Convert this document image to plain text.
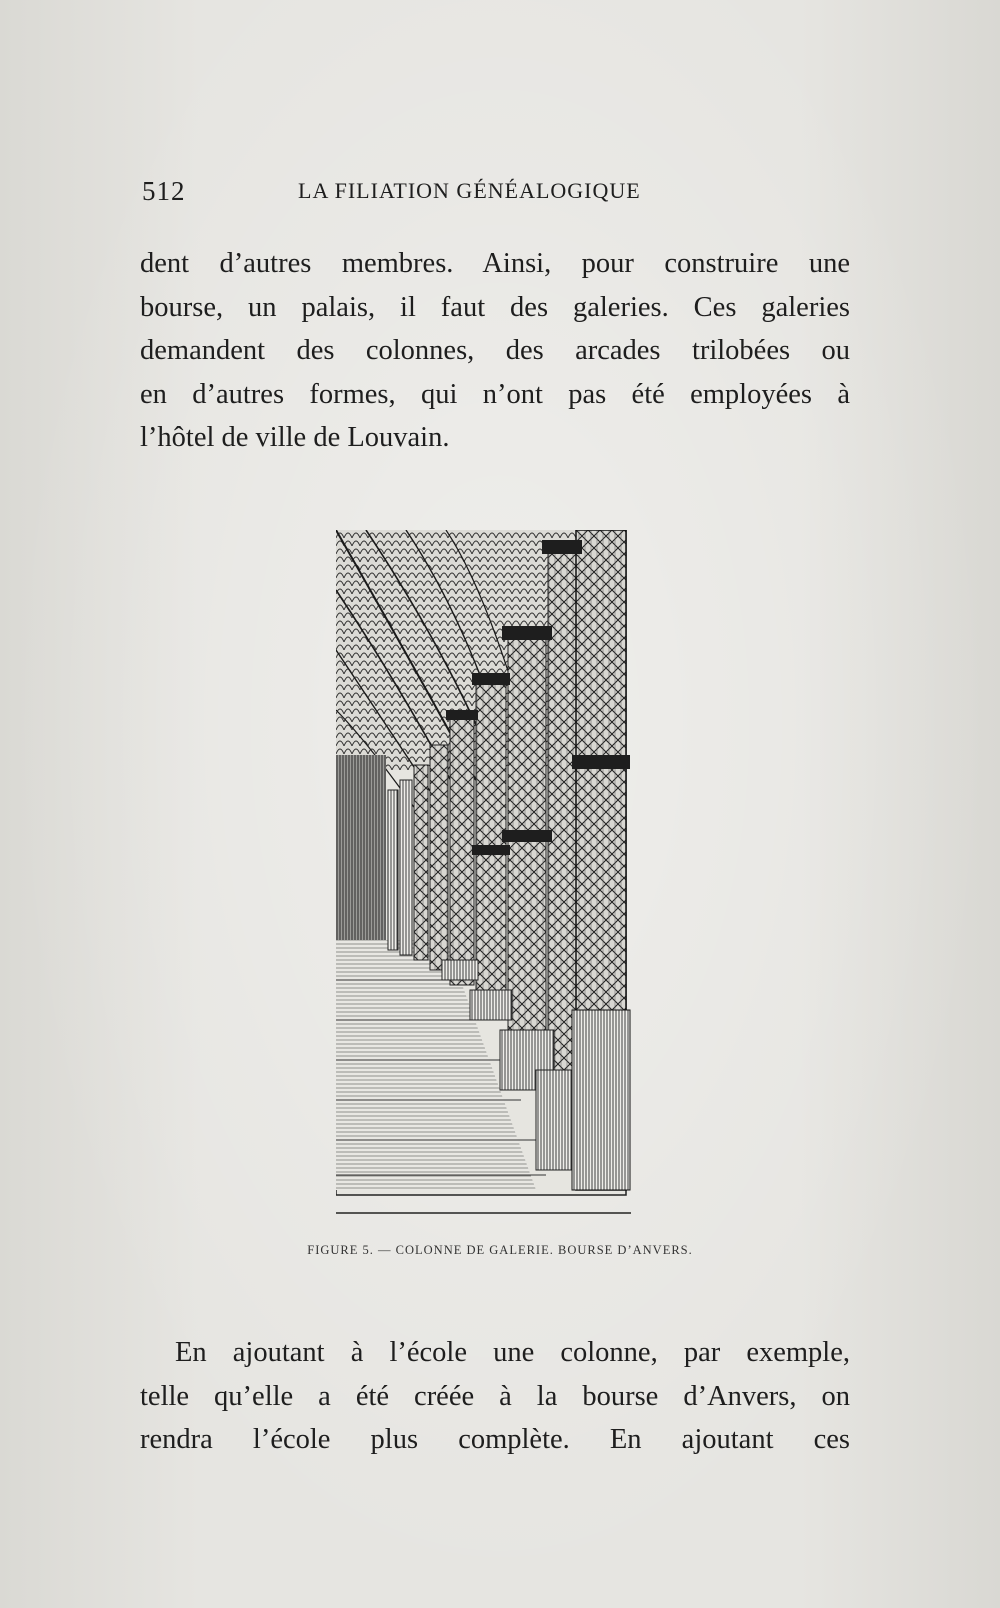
512	LA FILIATION GÉNÉALOGIQUE
dent d’autres membres. Ainsi, pour construire une
bourse, un palais, il faut des galeries. Ces galeries
demandent des colonnes, des arcades trilobées ou
en d’autres formes, qui n’ont pas été employées à
l’hôtel de ville de Louvain.
FIGURE 5. — COLONNE DE GALERIE. BOURSE D’ANVERS.
En ajoutant à l’école une colonne, par exemple,
telle qu’elle a été créée à la bourse d’Anvers, on
rendra l’école plus complète. En ajoutant ces
